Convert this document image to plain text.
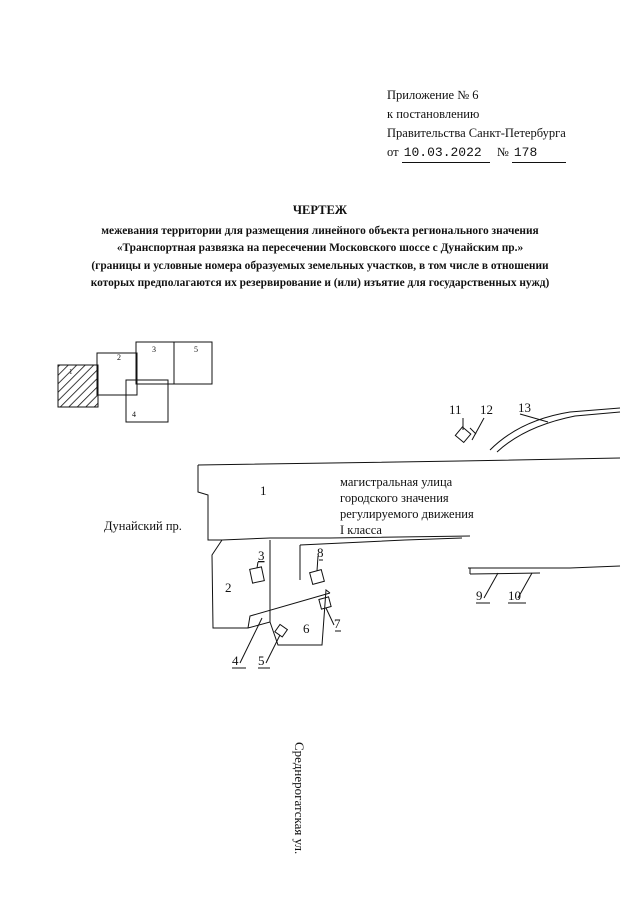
Приложение № 6
к постановлению
Правительства Санкт-Петербурга
от 10.03.2022 № 178
ЧЕРТЕЖ
межевания территории для размещения линейного объекта регионального значения
«Транспортная развязка на пересечении Московского шоссе с Дунайским пр.»
(границы и условные номера образуемых земельных участков, в том числе в отношении
которых предполагаются их резервирование и (или) изъятие для государственных нужд)
1
2
3	5
4
1
2
3
4 5
6 7
8
9 10
11 12 13
Среднерогатская ул.
магистральная улица
городского значения
регулируемого движения
I класса
Дунайский пр.
